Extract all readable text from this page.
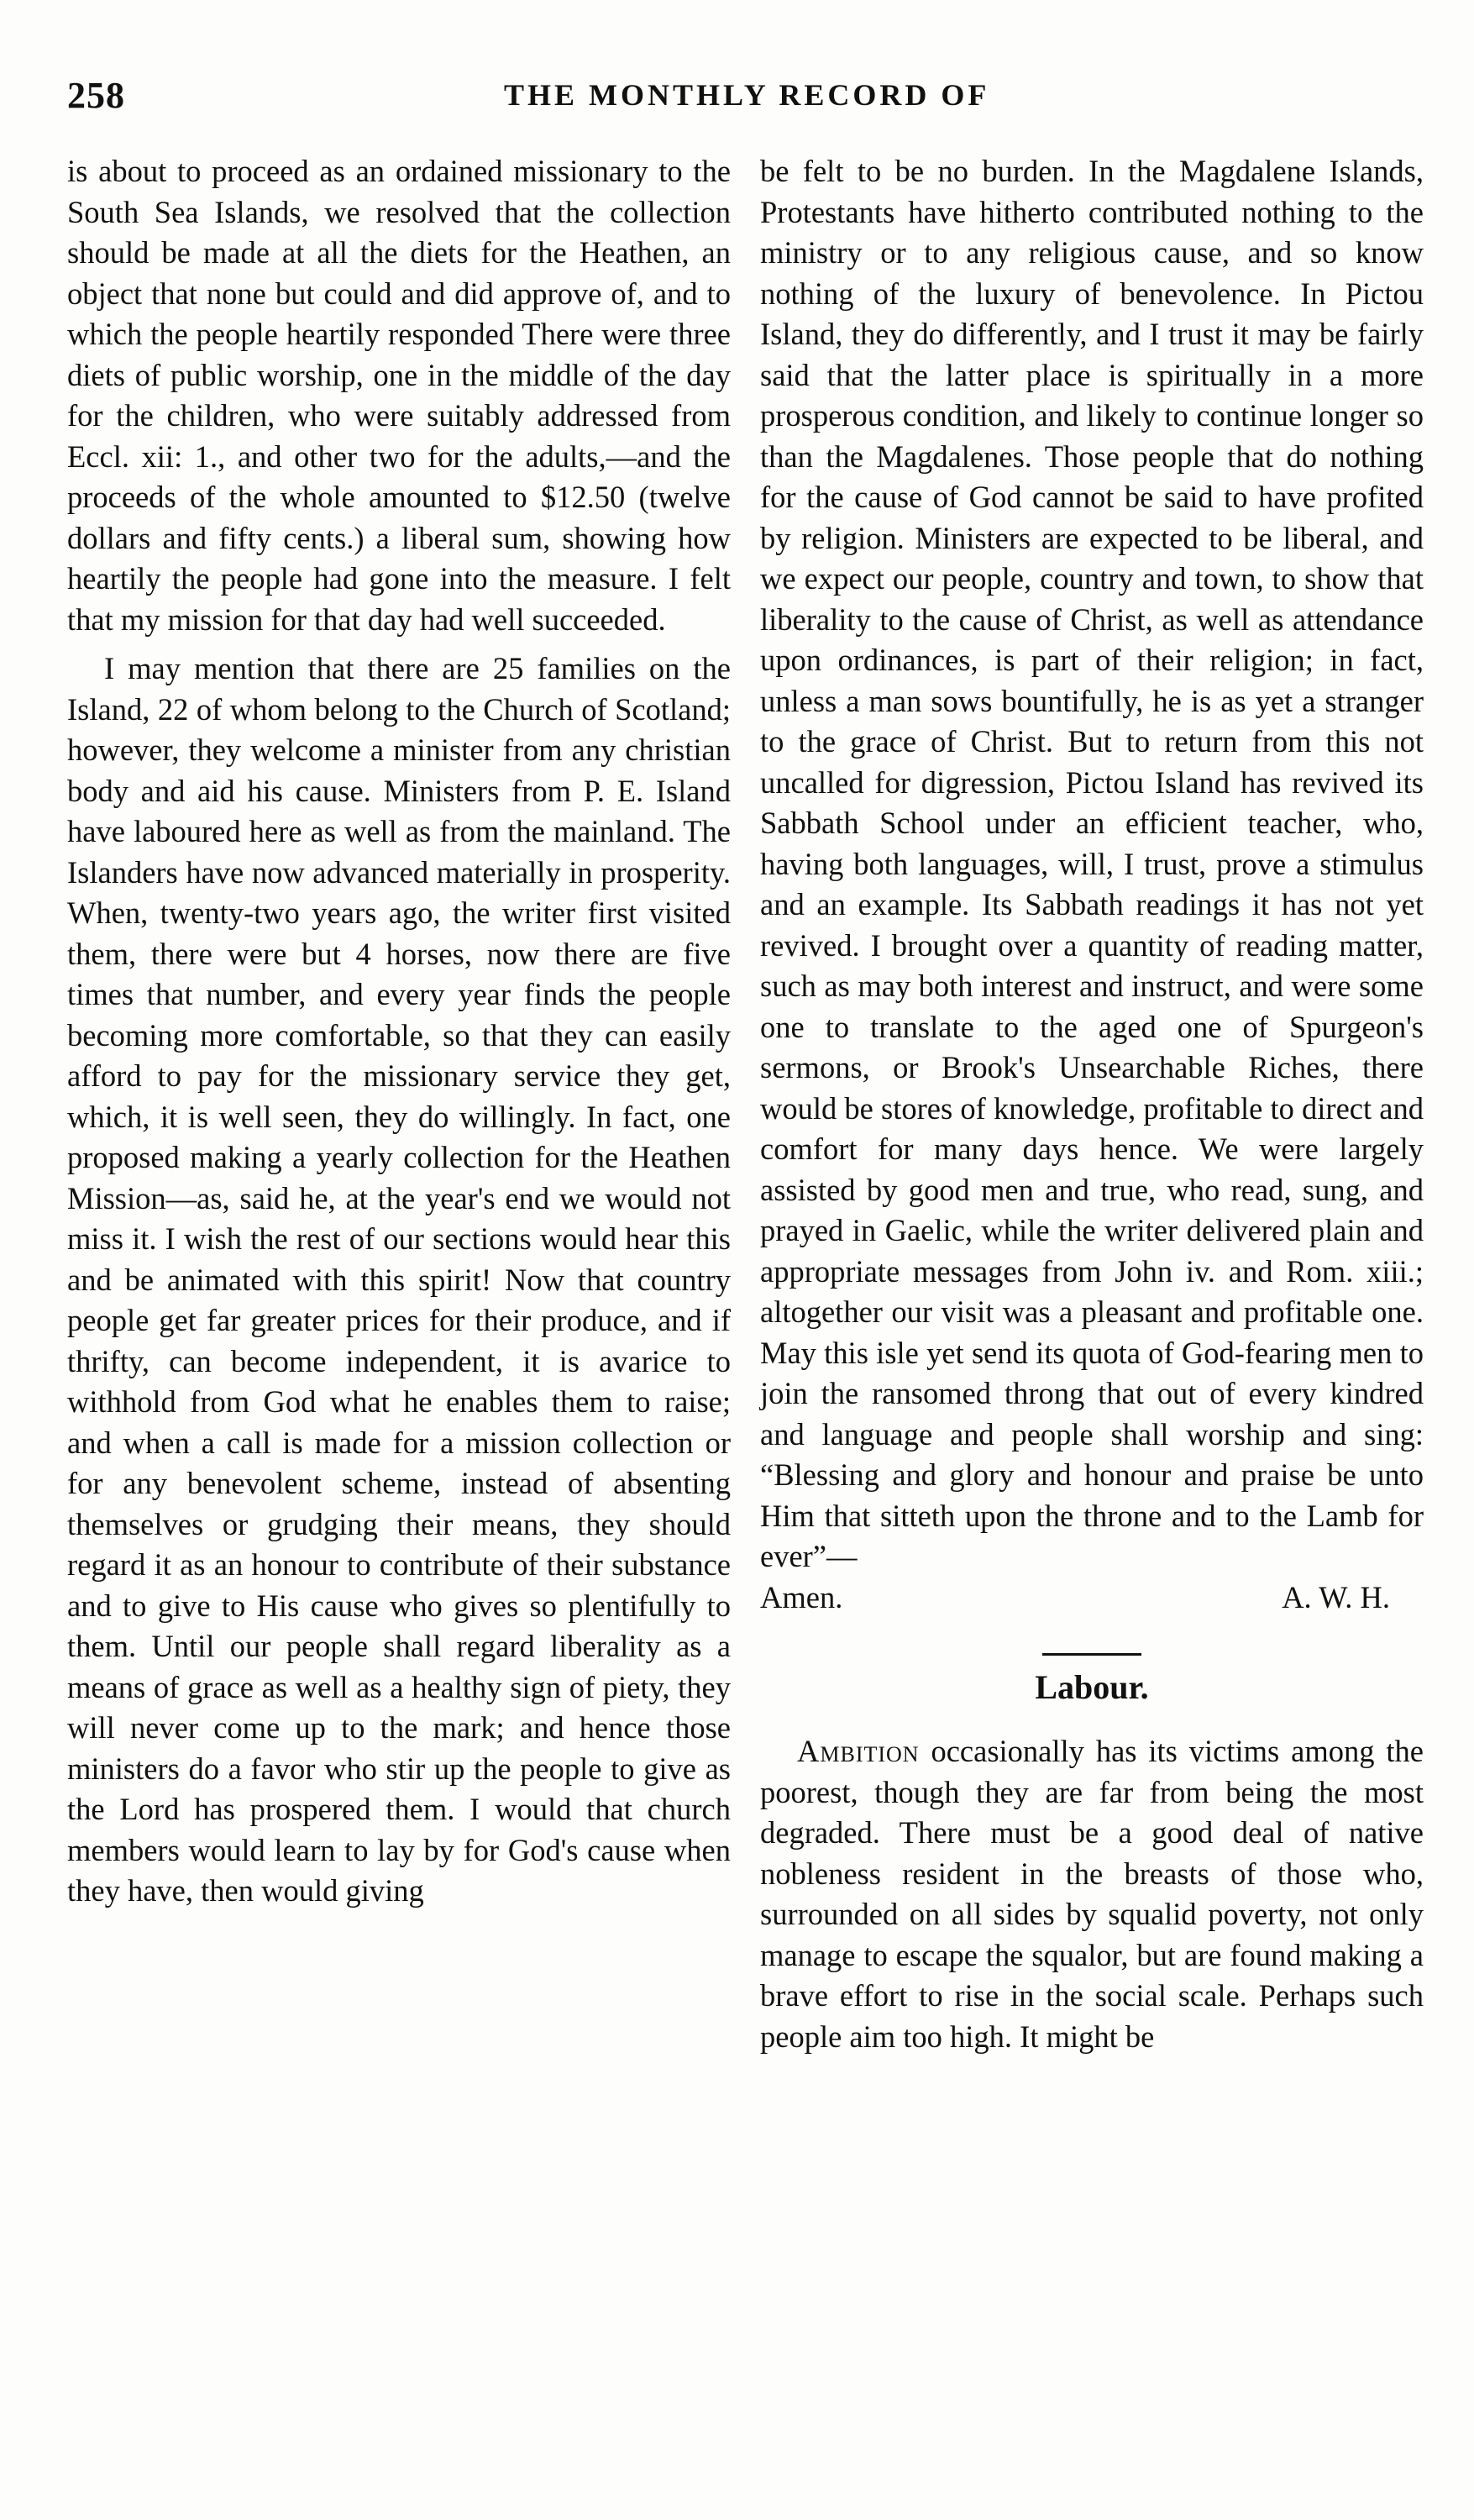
258	THE MONTHLY RECORD OF

is about to proceed as an ordained missionary to the South Sea Islands, we resolved that the collection should be made at all the diets for the Heathen, an object that none but could and did approve of, and to which the people heartily responded There were three diets of public worship, one in the middle of the day for the children, who were suitably addressed from Eccl. xii: 1., and other two for the adults,—and the proceeds of the whole amounted to $12.50 (twelve dollars and fifty cents.) a liberal sum, showing how heartily the people had gone into the measure. I felt that my mission for that day had well succeeded.

I may mention that there are 25 families on the Island, 22 of whom belong to the Church of Scotland; however, they welcome a minister from any christian body and aid his cause. Ministers from P. E. Island have laboured here as well as from the mainland. The Islanders have now advanced materially in prosperity. When, twenty-two years ago, the writer first visited them, there were but 4 horses, now there are five times that number, and every year finds the people becoming more comfortable, so that they can easily afford to pay for the missionary service they get, which, it is well seen, they do willingly. In fact, one proposed making a yearly collection for the Heathen Mission—as, said he, at the year's end we would not miss it. I wish the rest of our sections would hear this and be animated with this spirit! Now that country people get far greater prices for their produce, and if thrifty, can become independent, it is avarice to withhold from God what he enables them to raise; and when a call is made for a mission collection or for any benevolent scheme, instead of absenting themselves or grudging their means, they should regard it as an honour to contribute of their substance and to give to His cause who gives so plentifully to them. Until our people shall regard liberality as a means of grace as well as a healthy sign of piety, they will never come up to the mark; and hence those ministers do a favor who stir up the people to give as the Lord has prospered them. I would that church members would learn to lay by for God's cause when they have, then would giving

be felt to be no burden. In the Magdalene Islands, Protestants have hitherto contributed nothing to the ministry or to any religious cause, and so know nothing of the luxury of benevolence. In Pictou Island, they do differently, and I trust it may be fairly said that the latter place is spiritually in a more prosperous condition, and likely to continue longer so than the Magdalenes. Those people that do nothing for the cause of God cannot be said to have profited by religion. Ministers are expected to be liberal, and we expect our people, country and town, to show that liberality to the cause of Christ, as well as attendance upon ordinances, is part of their religion; in fact, unless a man sows bountifully, he is as yet a stranger to the grace of Christ. But to return from this not uncalled for digression, Pictou Island has revived its Sabbath School under an efficient teacher, who, having both languages, will, I trust, prove a stimulus and an example. Its Sabbath readings it has not yet revived. I brought over a quantity of reading matter, such as may both interest and instruct, and were some one to translate to the aged one of Spurgeon's sermons, or Brook's Unsearchable Riches, there would be stores of knowledge, profitable to direct and comfort for many days hence. We were largely assisted by good men and true, who read, sung, and prayed in Gaelic, while the writer delivered plain and appropriate messages from John iv. and Rom. xiii.; altogether our visit was a pleasant and profitable one. May this isle yet send its quota of God-fearing men to join the ransomed throng that out of every kindred and language and people shall worship and sing: “Blessing and glory and honour and praise be unto Him that sitteth upon the throne and to the Lamb for ever”—

Amen.	A. W. H.

Labour.

Ambition occasionally has its victims among the poorest, though they are far from being the most degraded. There must be a good deal of native nobleness resident in the breasts of those who, surrounded on all sides by squalid poverty, not only manage to escape the squalor, but are found making a brave effort to rise in the social scale. Perhaps such people aim too high. It might be
